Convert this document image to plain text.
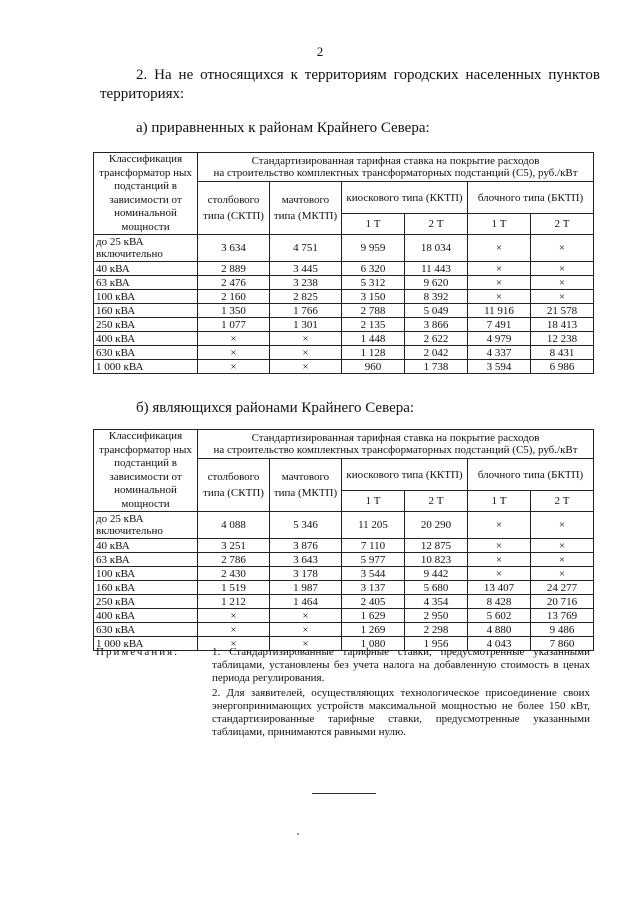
2
2. На не относящихся к территориям городских населенных пунктов территориях:
а) приравненных к районам Крайнего Севера:
Классификация трансформатор ных подстанций в зависимости от номинальной мощности	Стандартизированная тарифная ставка на покрытие расходов
на строительство комплектных трансформаторных подстанций (С5), руб./кВт					
	столбового типа (СКТП)	мачтового типа (МКТП)	киоскового типа (ККТП)		блочного типа (БКТП)	
			1 Т	2 Т	1 Т	2 Т
до 25 кВА включительно	3 634	4 751	9 959	18 034	×	×
40 кВА	2 889	3 445	6 320	11 443	×	×
63 кВА	2 476	3 238	5 312	9 620	×	×
100 кВА	2 160	2 825	3 150	8 392	×	×
160 кВА	1 350	1 766	2 788	5 049	11 916	21 578
250 кВА	1 077	1 301	2 135	3 866	7 491	18 413
400 кВА	×	×	1 448	2 622	4 979	12 238
630 кВА	×	×	1 128	2 042	4 337	8 431
1 000 кВА	×	×	960	1 738	3 594	6 986
б) являющихся районами Крайнего Севера:
Классификация трансформатор ных подстанций в зависимости от номинальной мощности	Стандартизированная тарифная ставка на покрытие расходов
на строительство комплектных трансформаторных подстанций (С5), руб./кВт					
	столбового типа (СКТП)	мачтового типа (МКТП)	киоскового типа (ККТП)		блочного типа (БКТП)	
			1 Т	2 Т	1 Т	2 Т
до 25 кВА включительно	4 088	5 346	11 205	20 290	×	×
40 кВА	3 251	3 876	7 110	12 875	×	×
63 кВА	2 786	3 643	5 977	10 823	×	×
100 кВА	2 430	3 178	3 544	9 442	×	×
160 кВА	1 519	1 987	3 137	5 680	13 407	24 277
250 кВА	1 212	1 464	2 405	4 354	8 428	20 716
400 кВА	×	×	1 629	2 950	5 602	13 769
630 кВА	×	×	1 269	2 298	4 880	9 486
1 000 кВА	×	×	1 080	1 956	4 043	7 860
Примечания:	1. Стандартизированные тарифные ставки, предусмотренные указанными таблицами, установлены без учета налога на добавленную стоимость в ценах периода регулирования.

2. Для заявителей, осуществляющих технологическое присоединение своих энергопринимающих устройств максимальной мощностью не более 150 кВт, стандартизированные тарифные ставки, предусмотренные указанными таблицами, принимаются равными нулю.
